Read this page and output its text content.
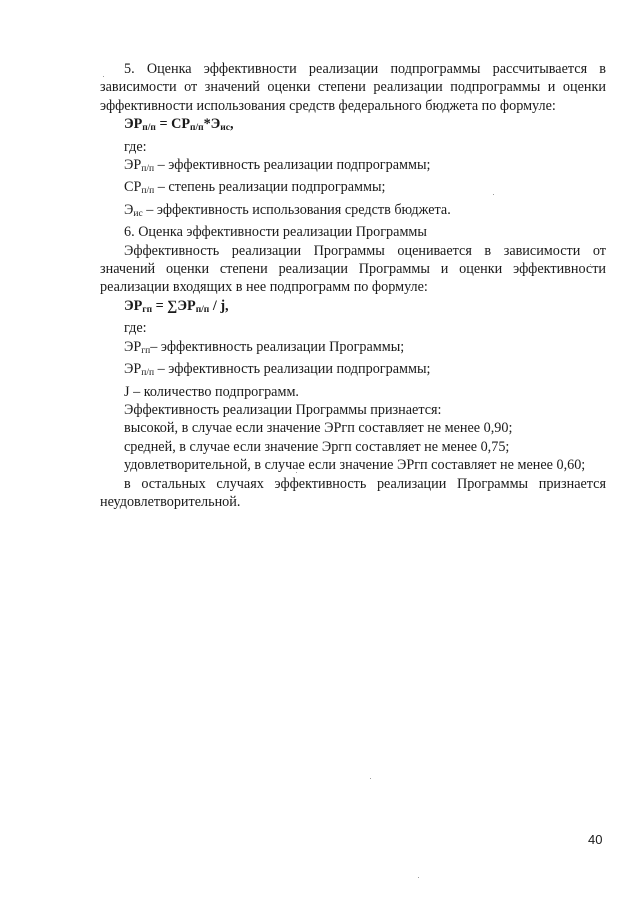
5. Оценка эффективности реализации подпрограммы рассчитывается в зависимости от значений оценки степени реализации подпрограммы и оценки эффективности использования средств федерального бюджета по формуле:

$ЭР_{п/п} = СР_{п/п}*Э_{ис}$,

где:

$ЭР_{п/п}$ – эффективность реализации подпрограммы;

$СР_{п/п}$ – степень реализации подпрограммы;

$Э_{ис}$ – эффективность использования средств бюджета.

6. Оценка эффективности реализации Программы

Эффективность реализации Программы оценивается в зависимости от значений оценки степени реализации Программы и оценки эффективности реализации входящих в нее подпрограмм по формуле:

$ЭР_{гп} = \sum ЭР_{п/п} / j$,

где:

$ЭР_{гп}-$ эффективность реализации Программы;

$ЭР_{п/п}$ – эффективность реализации подпрограммы;

J – количество подпрограмм.

Эффективность реализации Программы признается:

высокой, в случае если значение ЭРгп составляет не менее 0,90;

средней, в случае если значение Эргп составляет не менее 0,75;

удовлетворительной, в случае если значение ЭРгп составляет не менее 0,60;

в остальных случаях эффективность реализации Программы признается неудовлетворительной.

40
